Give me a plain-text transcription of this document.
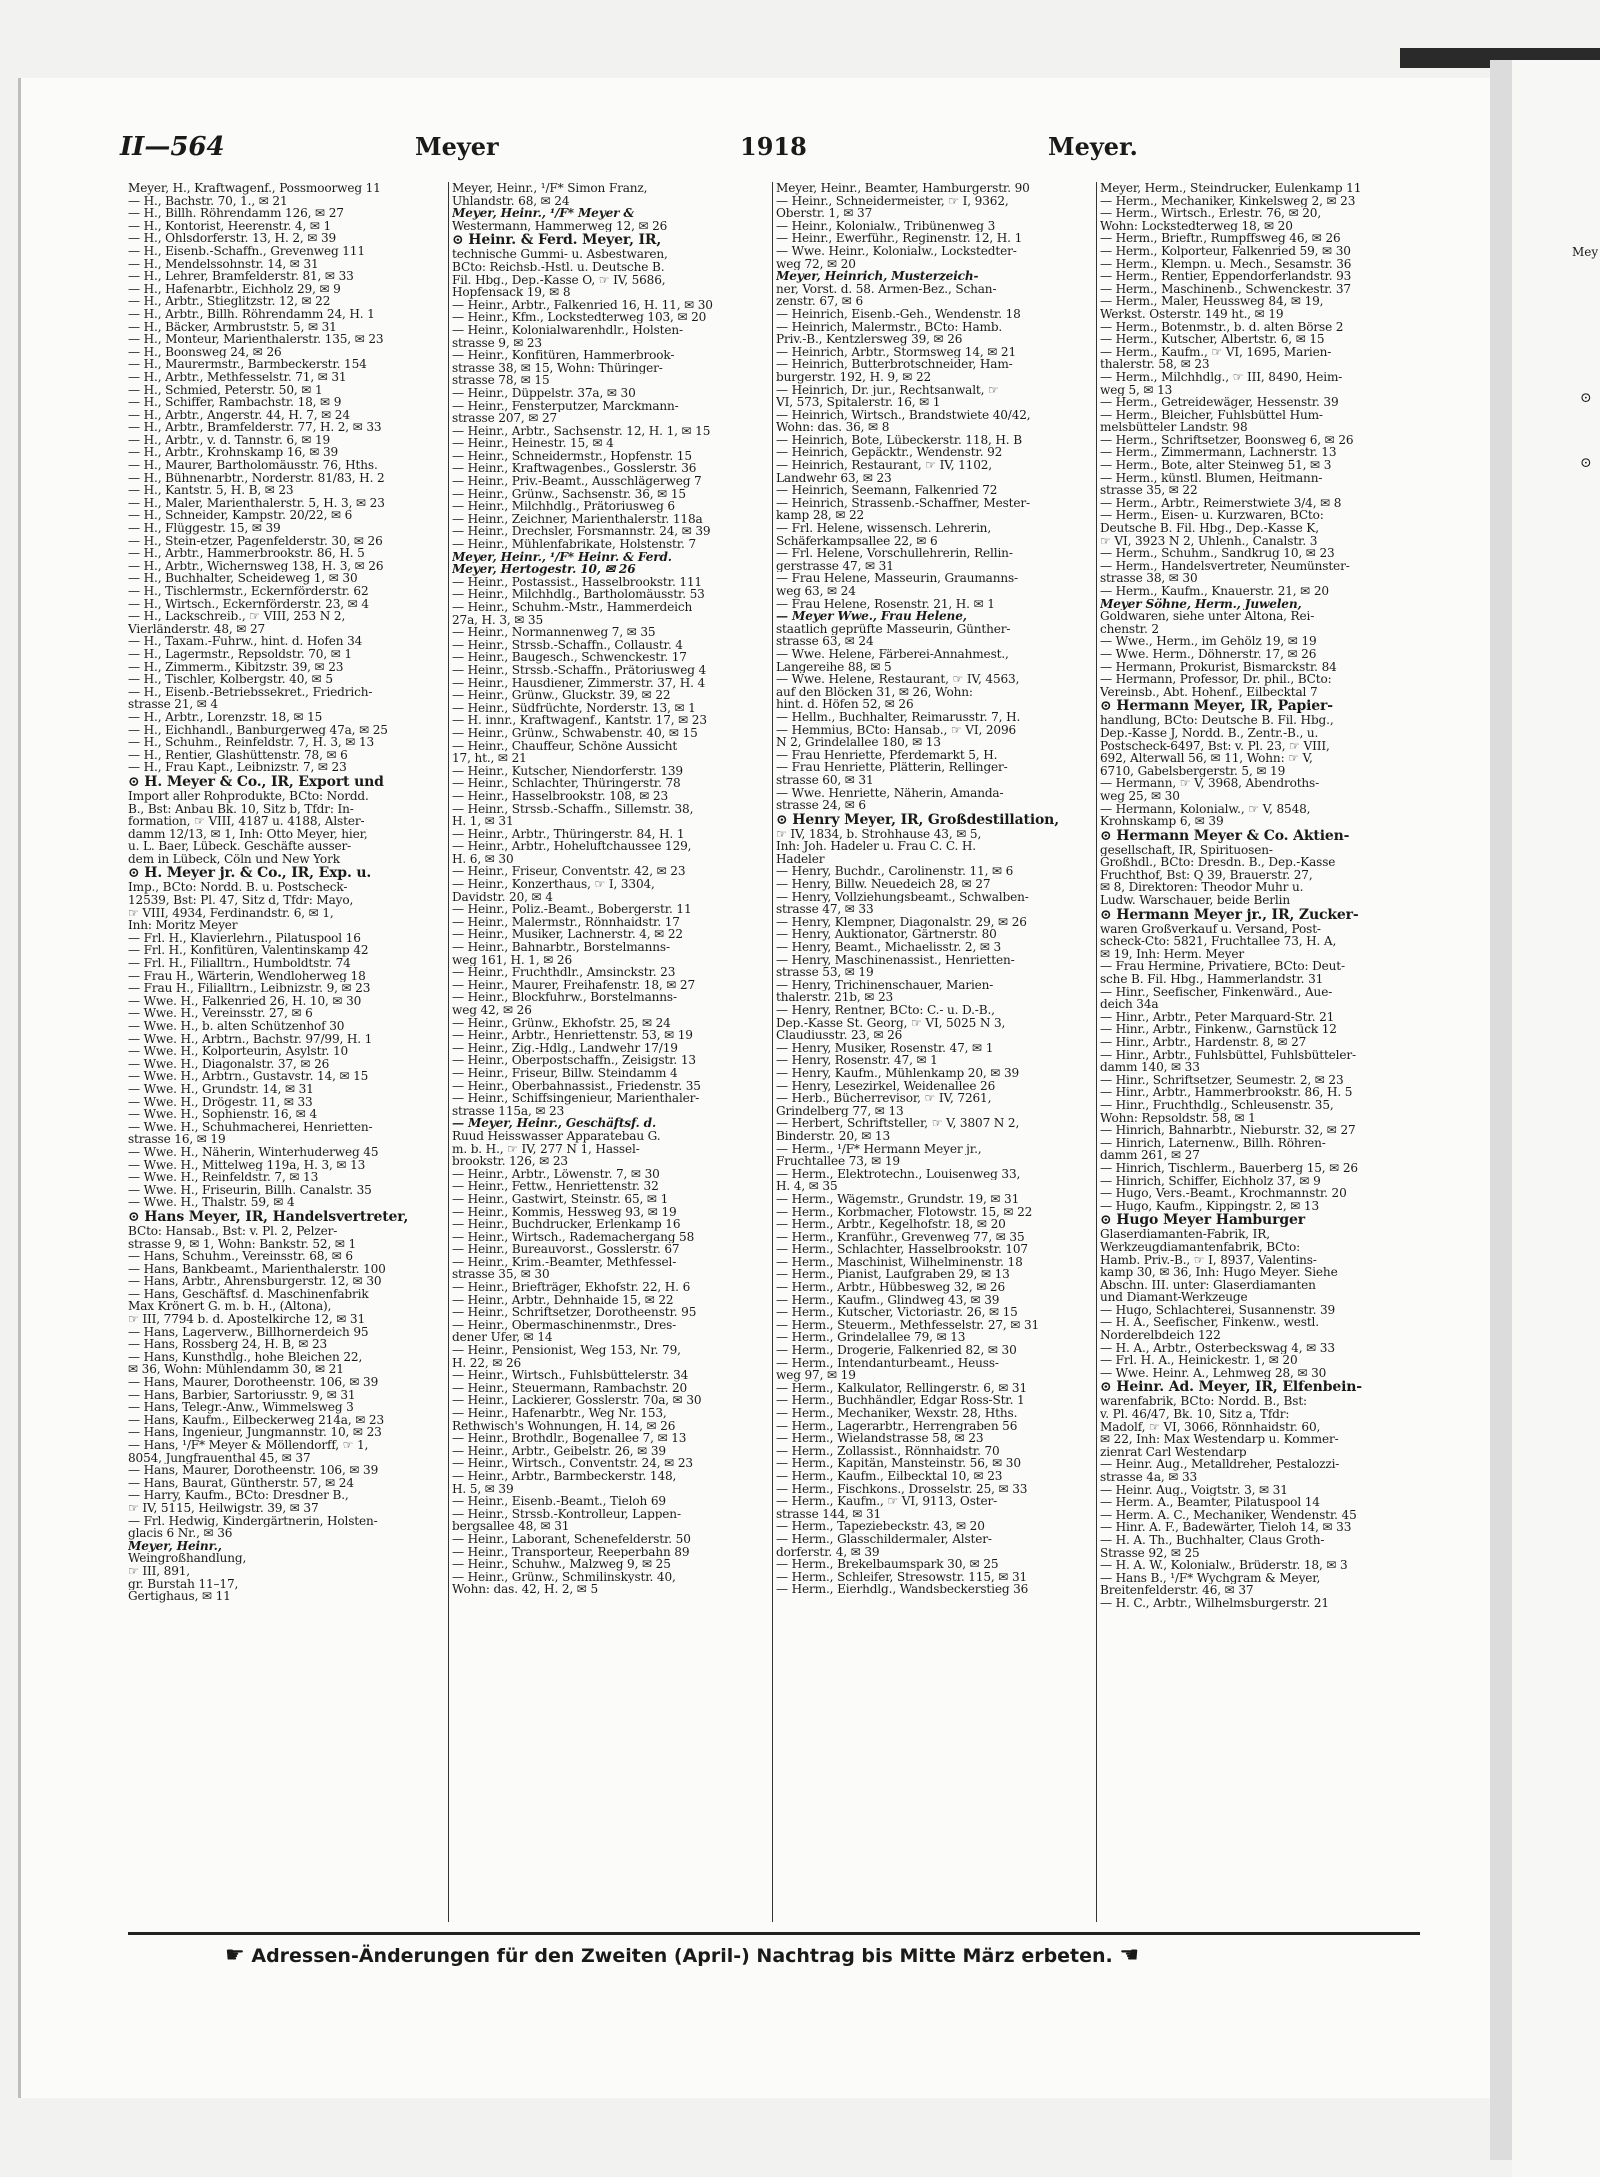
Mey
⊙
⊙
II—564	Meyer	1918	Meyer.
Meyer, H., Kraftwagenf., Possmoorweg 11
— H., Bachstr. 70, 1., ✉ 21
— H., Billh. Röhrendamm 126, ✉ 27
— H., Kontorist, Heerenstr. 4, ✉ 1
— H., Ohlsdorferstr. 13, H. 2, ✉ 39
— H., Eisenb.-Schaffn., Grevenweg 111
— H., Mendelssohnstr. 14, ✉ 31
— H., Lehrer, Bramfelderstr. 81, ✉ 33
— H., Hafenarbtr., Eichholz 29, ✉ 9
— H., Arbtr., Stieglitzstr. 12, ✉ 22
— H., Arbtr., Billh. Röhrendamm 24, H. 1
— H., Bäcker, Armbruststr. 5, ✉ 31
— H., Monteur, Marienthalerstr. 135, ✉ 23
— H., Boonsweg 24, ✉ 26
— H., Maurermstr., Barmbeckerstr. 154
— H., Arbtr., Methfesselstr. 71, ✉ 31
— H., Schmied, Peterstr. 50, ✉ 1
— H., Schiffer, Rambachstr. 18, ✉ 9
— H., Arbtr., Angerstr. 44, H. 7, ✉ 24
— H., Arbtr., Bramfelderstr. 77, H. 2, ✉ 33
— H., Arbtr., v. d. Tannstr. 6, ✉ 19
— H., Arbtr., Krohnskamp 16, ✉ 39
— H., Maurer, Bartholomäusstr. 76, Hths.
— H., Bühnenarbtr., Norderstr. 81/83, H. 2
— H., Kantstr. 5, H. B, ✉ 23
— H., Maler, Marienthalerstr. 5, H. 3, ✉ 23
— H., Schneider, Kampstr. 20/22, ✉ 6
— H., Flüggestr. 15, ✉ 39
— H., Stein-etzer, Pagenfelderstr. 30, ✉ 26
— H., Arbtr., Hammerbrookstr. 86, H. 5
— H., Arbtr., Wichernsweg 138, H. 3, ✉ 26
— H., Buchhalter, Scheideweg 1, ✉ 30
— H., Tischlermstr., Eckernförderstr. 62
— H., Wirtsch., Eckernförderstr. 23, ✉ 4
— H., Lackschreib., ☞ VIII, 253 N 2,
Vierländerstr. 48, ✉ 27
— H., Taxam.-Fuhrw., hint. d. Hofen 34
— H., Lagermstr., Repsoldstr. 70, ✉ 1
— H., Zimmerm., Kibitzstr. 39, ✉ 23
— H., Tischler, Kolbergstr. 40, ✉ 5
— H., Eisenb.-Betriebssekret., Friedrich-
strasse 21, ✉ 4
— H., Arbtr., Lorenzstr. 18, ✉ 15
— H., Eichhandl., Banburgerweg 47a, ✉ 25
— H., Schuhm., Reinfeldstr. 7, H. 3, ✉ 13
— H., Rentier, Glashüttenstr. 78, ✉ 6
— H., Frau Kapt., Leibnizstr. 7, ✉ 23
⊙ H. Meyer & Co., IR, Export und
Import aller Rohprodukte, BCto: Nordd.
B., Bst: Anbau Bk. 10, Sitz b, Tfdr: In-
formation, ☞ VIII, 4187 u. 4188, Alster-
damm 12/13, ✉ 1, Inh: Otto Meyer, hier,
u. L. Baer, Lübeck. Geschäfte ausser-
dem in Lübeck, Cöln und New York
⊙ H. Meyer jr. & Co., IR, Exp. u.
Imp., BCto: Nordd. B. u. Postscheck-
12539, Bst: Pl. 47, Sitz d, Tfdr: Mayo,
☞ VIII, 4934, Ferdinandstr. 6, ✉ 1,
Inh: Moritz Meyer
— Frl. H., Klavierlehrn., Pilatuspool 16
— Frl. H., Konfitüren, Valentinskamp 42
— Frl. H., Filialltrn., Humboldtstr. 74
— Frau H., Wärterin, Wendloherweg 18
— Frau H., Filialltrn., Leibnizstr. 9, ✉ 23
— Wwe. H., Falkenried 26, H. 10, ✉ 30
— Wwe. H., Vereinsstr. 27, ✉ 6
— Wwe. H., b. alten Schützenhof 30
— Wwe. H., Arbtrn., Bachstr. 97/99, H. 1
— Wwe. H., Kolporteurin, Asylstr. 10
— Wwe. H., Diagonalstr. 37, ✉ 26
— Wwe. H., Arbtrn., Gustavstr. 14, ✉ 15
— Wwe. H., Grundstr. 14, ✉ 31
— Wwe. H., Drögestr. 11, ✉ 33
— Wwe. H., Sophienstr. 16, ✉ 4
— Wwe. H., Schuhmacherei, Henrietten-
strasse 16, ✉ 19
— Wwe. H., Näherin, Winterhuderweg 45
— Wwe. H., Mittelweg 119a, H. 3, ✉ 13
— Wwe. H., Reinfeldstr. 7, ✉ 13
— Wwe. H., Friseurin, Billh. Canalstr. 35
— Wwe. H., Thalstr. 59, ✉ 4
⊙ Hans Meyer, IR, Handelsvertreter,
BCto: Hansab., Bst: v. Pl. 2, Pelzer-
strasse 9, ✉ 1, Wohn: Bankstr. 52, ✉ 1
— Hans, Schuhm., Vereinsstr. 68, ✉ 6
— Hans, Bankbeamt., Marienthalerstr. 100
— Hans, Arbtr., Ahrensburgerstr. 12, ✉ 30
— Hans, Geschäftsf. d. Maschinenfabrik
Max Krönert G. m. b. H., (Altona),
☞ III, 7794 b. d. Apostelkirche 12, ✉ 31
— Hans, Lagerverw., Billhornerdeich 95
— Hans, Rossberg 24, H. B, ✉ 23
— Hans, Kunsthdlg., hohe Bleichen 22,
✉ 36, Wohn: Mühlendamm 30, ✉ 21
— Hans, Maurer, Dorotheenstr. 106, ✉ 39
— Hans, Barbier, Sartoriusstr. 9, ✉ 31
— Hans, Telegr.-Anw., Wimmelsweg 3
— Hans, Kaufm., Eilbeckerweg 214a, ✉ 23
— Hans, Ingenieur, Jungmannstr. 10, ✉ 23
— Hans, ¹/F* Meyer & Möllendorff, ☞ 1,
8054, Jungfrauenthal 45, ✉ 37
— Hans, Maurer, Dorotheenstr. 106, ✉ 39
— Hans, Baurat, Güntherstr. 57, ✉ 24
— Harry, Kaufm., BCto: Dresdner B.,
☞ IV, 5115, Heilwigstr. 39, ✉ 37
— Frl. Hedwig, Kindergärtnerin, Holsten-
glacis 6 Nr., ✉ 36
Meyer, Heinr.,
Weingroßhandlung,
☞ III, 891,
gr. Burstah 11–17,
Gertighaus, ✉ 11
Meyer, Heinr., ¹/F* Simon Franz,
Uhlandstr. 68, ✉ 24
Meyer, Heinr., ¹/F* Meyer &
Westermann, Hammerweg 12, ✉ 26
⊙ Heinr. & Ferd. Meyer, IR,
technische Gummi- u. Asbestwaren,
BCto: Reichsb.-Hstl. u. Deutsche B.
Fil. Hbg., Dep.-Kasse O, ☞ IV, 5686,
Hopfensack 19, ✉ 8
— Heinr., Arbtr., Falkenried 16, H. 11, ✉ 30
— Heinr., Kfm., Lockstedterweg 103, ✉ 20
— Heinr., Kolonialwarenhdlr., Holsten-
strasse 9, ✉ 23
— Heinr., Konfitüren, Hammerbrook-
strasse 38, ✉ 15, Wohn: Thüringer-
strasse 78, ✉ 15
— Heinr., Düppelstr. 37a, ✉ 30
— Heinr., Fensterputzer, Marckmann-
strasse 207, ✉ 27
— Heinr., Arbtr., Sachsenstr. 12, H. 1, ✉ 15
— Heinr., Heinestr. 15, ✉ 4
— Heinr., Schneidermstr., Hopfenstr. 15
— Heinr., Kraftwagenbes., Gosslerstr. 36
— Heinr., Priv.-Beamt., Ausschlägerweg 7
— Heinr., Grünw., Sachsenstr. 36, ✉ 15
— Heinr., Milchhdlg., Prätoriusweg 6
— Heinr., Zeichner, Marienthalerstr. 118a
— Heinr., Drechsler, Forsmannstr. 24, ✉ 39
— Heinr., Mühlenfabrikate, Holstenstr. 7
Meyer, Heinr., ¹/F* Heinr. & Ferd.
Meyer, Hertogestr. 10, ✉ 26
— Heinr., Postassist., Hasselbrookstr. 111
— Heinr., Milchhdlg., Bartholomäusstr. 53
— Heinr., Schuhm.-Mstr., Hammerdeich
27a, H. 3, ✉ 35
— Heinr., Normannenweg 7, ✉ 35
— Heinr., Strssb.-Schaffn., Collaustr. 4
— Heinr., Baugesch., Schwenckestr. 17
— Heinr., Strssb.-Schaffn., Prätoriusweg 4
— Heinr., Hausdiener, Zimmerstr. 37, H. 4
— Heinr., Grünw., Gluckstr. 39, ✉ 22
— Heinr., Südfrüchte, Norderstr. 13, ✉ 1
— H. innr., Kraftwagenf., Kantstr. 17, ✉ 23
— Heinr., Grünw., Schwabenstr. 40, ✉ 15
— Heinr., Chauffeur, Schöne Aussicht
17, ht., ✉ 21
— Heinr., Kutscher, Niendorferstr. 139
— Heinr., Schlachter, Thüringerstr. 78
— Heinr., Hasselbrookstr. 108, ✉ 23
— Heinr., Strssb.-Schaffn., Sillemstr. 38,
H. 1, ✉ 31
— Heinr., Arbtr., Thüringerstr. 84, H. 1
— Heinr., Arbtr., Hoheluftchaussee 129,
H. 6, ✉ 30
— Heinr., Friseur, Conventstr. 42, ✉ 23
— Heinr., Konzerthaus, ☞ I, 3304,
Davidstr. 20, ✉ 4
— Heinr., Poliz.-Beamt., Bobergerstr. 11
— Heinr., Malermstr., Rönnhaidstr. 17
— Heinr., Musiker, Lachnerstr. 4, ✉ 22
— Heinr., Bahnarbtr., Borstelmanns-
weg 161, H. 1, ✉ 26
— Heinr., Fruchthdlr., Amsinckstr. 23
— Heinr., Maurer, Freihafenstr. 18, ✉ 27
— Heinr., Blockfuhrw., Borstelmanns-
weg 42, ✉ 26
— Heinr., Grünw., Ekhofstr. 25, ✉ 24
— Heinr., Arbtr., Henriettenstr. 53, ✉ 19
— Heinr., Zig.-Hdlg., Landwehr 17/19
— Heinr., Oberpostschaffn., Zeisigstr. 13
— Heinr., Friseur, Billw. Steindamm 4
— Heinr., Oberbahnassist., Friedenstr. 35
— Heinr., Schiffsingenieur, Marienthaler-
strasse 115a, ✉ 23
— Meyer, Heinr., Geschäftsf. d.
Ruud Heisswasser Apparatebau G.
m. b. H., ☞ IV, 277 N 1, Hassel-
brookstr. 126, ✉ 23
— Heinr., Arbtr., Löwenstr. 7, ✉ 30
— Heinr., Fettw., Henriettenstr. 32
— Heinr., Gastwirt, Steinstr. 65, ✉ 1
— Heinr., Kommis, Hessweg 93, ✉ 19
— Heinr., Buchdrucker, Erlenkamp 16
— Heinr., Wirtsch., Rademachergang 58
— Heinr., Bureauvorst., Gosslerstr. 67
— Heinr., Krim.-Beamter, Methfessel-
strasse 35, ✉ 30
— Heinr., Briefträger, Ekhofstr. 22, H. 6
— Heinr., Arbtr., Dehnhaide 15, ✉ 22
— Heinr., Schriftsetzer, Dorotheenstr. 95
— Heinr., Obermaschinenmstr., Dres-
dener Ufer, ✉ 14
— Heinr., Pensionist, Weg 153, Nr. 79,
H. 22, ✉ 26
— Heinr., Wirtsch., Fuhlsbüttelerstr. 34
— Heinr., Steuermann, Rambachstr. 20
— Heinr., Lackierer, Gosslerstr. 70a, ✉ 30
— Heinr., Hafenarbtr., Weg Nr. 153,
Rethwisch's Wohnungen, H. 14, ✉ 26
— Heinr., Brothdlr., Bogenallee 7, ✉ 13
— Heinr., Arbtr., Geibelstr. 26, ✉ 39
— Heinr., Wirtsch., Conventstr. 24, ✉ 23
— Heinr., Arbtr., Barmbeckerstr. 148,
H. 5, ✉ 39
— Heinr., Eisenb.-Beamt., Tieloh 69
— Heinr., Strssb.-Kontrolleur, Lappen-
bergsallee 48, ✉ 31
— Heinr., Laborant, Schenefelderstr. 50
— Heinr., Transporteur, Reeperbahn 89
— Heinr., Schuhw., Malzweg 9, ✉ 25
— Heinr., Grünw., Schmilinskystr. 40,
Wohn: das. 42, H. 2, ✉ 5
Meyer, Heinr., Beamter, Hamburgerstr. 90
— Heinr., Schneidermeister, ☞ I, 9362,
Oberstr. 1, ✉ 37
— Heinr., Kolonialw., Tribünenweg 3
— Heinr., Ewerführ., Reginenstr. 12, H. 1
— Wwe. Heinr., Kolonialw., Lockstedter-
weg 72, ✉ 20
Meyer, Heinrich, Musterzeich-
ner, Vorst. d. 58. Armen-Bez., Schan-
zenstr. 67, ✉ 6
— Heinrich, Eisenb.-Geh., Wendenstr. 18
— Heinrich, Malermstr., BCto: Hamb.
Priv.-B., Kentzlersweg 39, ✉ 26
— Heinrich, Arbtr., Stormsweg 14, ✉ 21
— Heinrich, Butterbrotschneider, Ham-
burgerstr. 192, H. 9, ✉ 22
— Heinrich, Dr. jur., Rechtsanwalt, ☞
VI, 573, Spitalerstr. 16, ✉ 1
— Heinrich, Wirtsch., Brandstwiete 40/42,
Wohn: das. 36, ✉ 8
— Heinrich, Bote, Lübeckerstr. 118, H. B
— Heinrich, Gepäcktr., Wendenstr. 92
— Heinrich, Restaurant, ☞ IV, 1102,
Landwehr 63, ✉ 23
— Heinrich, Seemann, Falkenried 72
— Heinrich, Strassenb.-Schaffner, Mester-
kamp 28, ✉ 22
— Frl. Helene, wissensch. Lehrerin,
Schäferkampsallee 22, ✉ 6
— Frl. Helene, Vorschullehrerin, Rellin-
gerstrasse 47, ✉ 31
— Frau Helene, Masseurin, Graumanns-
weg 63, ✉ 24
— Frau Helene, Rosenstr. 21, H. ✉ 1
— Meyer Wwe., Frau Helene,
staatlich geprüfte Masseurin, Günther-
strasse 63, ✉ 24
— Wwe. Helene, Färberei-Annahmest.,
Langereihe 88, ✉ 5
— Wwe. Helene, Restaurant, ☞ IV, 4563,
auf den Blöcken 31, ✉ 26, Wohn:
hint. d. Höfen 52, ✉ 26
— Hellm., Buchhalter, Reimarusstr. 7, H.
— Hemmius, BCto: Hansab., ☞ VI, 2096
N 2, Grindelallee 180, ✉ 13
— Frau Henriette, Pferdemarkt 5, H.
— Frau Henriette, Plätterin, Rellinger-
strasse 60, ✉ 31
— Wwe. Henriette, Näherin, Amanda-
strasse 24, ✉ 6
⊙ Henry Meyer, IR, Großdestillation,
☞ IV, 1834, b. Strohhause 43, ✉ 5,
Inh: Joh. Hadeler u. Frau C. C. H.
Hadeler
— Henry, Buchdr., Carolinenstr. 11, ✉ 6
— Henry, Billw. Neuedeich 28, ✉ 27
— Henry, Vollziehungsbeamt., Schwalben-
strasse 47, ✉ 33
— Henry, Klempner, Diagonalstr. 29, ✉ 26
— Henry, Auktionator, Gärtnerstr. 80
— Henry, Beamt., Michaelisstr. 2, ✉ 3
— Henry, Maschinenassist., Henrietten-
strasse 53, ✉ 19
— Henry, Trichinenschauer, Marien-
thalerstr. 21b, ✉ 23
— Henry, Rentner, BCto: C.- u. D.-B.,
Dep.-Kasse St. Georg, ☞ VI, 5025 N 3,
Claudiusstr. 23, ✉ 26
— Henry, Musiker, Rosenstr. 47, ✉ 1
— Henry, Rosenstr. 47, ✉ 1
— Henry, Kaufm., Mühlenkamp 20, ✉ 39
— Henry, Lesezirkel, Weidenallee 26
— Herb., Bücherrevisor, ☞ IV, 7261,
Grindelberg 77, ✉ 13
— Herbert, Schriftsteller, ☞ V, 3807 N 2,
Binderstr. 20, ✉ 13
— Herm., ¹/F* Hermann Meyer jr.,
Fruchtallee 73, ✉ 19
— Herm., Elektrotechn., Louisenweg 33,
H. 4, ✉ 35
— Herm., Wägemstr., Grundstr. 19, ✉ 31
— Herm., Korbmacher, Flotowstr. 15, ✉ 22
— Herm., Arbtr., Kegelhofstr. 18, ✉ 20
— Herm., Kranführ., Grevenweg 77, ✉ 35
— Herm., Schlachter, Hasselbrookstr. 107
— Herm., Maschinist, Wilhelminenstr. 18
— Herm., Pianist, Laufgraben 29, ✉ 13
— Herm., Arbtr., Hübbesweg 32, ✉ 26
— Herm., Kaufm., Glindweg 43, ✉ 39
— Herm., Kutscher, Victoriastr. 26, ✉ 15
— Herm., Steuerm., Methfesselstr. 27, ✉ 31
— Herm., Grindelallee 79, ✉ 13
— Herm., Drogerie, Falkenried 82, ✉ 30
— Herm., Intendanturbeamt., Heuss-
weg 97, ✉ 19
— Herm., Kalkulator, Rellingerstr. 6, ✉ 31
— Herm., Buchhändler, Edgar Ross-Str. 1
— Herm., Mechaniker, Wexstr. 28, Hths.
— Herm., Lagerarbtr., Herrengraben 56
— Herm., Wielandstrasse 58, ✉ 23
— Herm., Zollassist., Rönnhaidstr. 70
— Herm., Kapitän, Mansteinstr. 56, ✉ 30
— Herm., Kaufm., Eilbecktal 10, ✉ 23
— Herm., Fischkons., Drosselstr. 25, ✉ 33
— Herm., Kaufm., ☞ VI, 9113, Oster-
strasse 144, ✉ 31
— Herm., Tapeziebeckstr. 43, ✉ 20
— Herm., Glasschildermaler, Alster-
dorferstr. 4, ✉ 39
— Herm., Brekelbaumspark 30, ✉ 25
— Herm., Schleifer, Stresowstr. 115, ✉ 31
— Herm., Eierhdlg., Wandsbeckerstieg 36
Meyer, Herm., Steindrucker, Eulenkamp 11
— Herm., Mechaniker, Kinkelsweg 2, ✉ 23
— Herm., Wirtsch., Erlestr. 76, ✉ 20,
Wohn: Lockstedterweg 18, ✉ 20
— Herm., Brieftr., Rumpffsweg 46, ✉ 26
— Herm., Kolporteur, Falkenried 59, ✉ 30
— Herm., Klempn. u. Mech., Sesamstr. 36
— Herm., Rentier, Eppendorferlandstr. 93
— Herm., Maschinenb., Schwenckestr. 37
— Herm., Maler, Heussweg 84, ✉ 19,
Werkst. Osterstr. 149 ht., ✉ 19
— Herm., Botenmstr., b. d. alten Börse 2
— Herm., Kutscher, Albertstr. 6, ✉ 15
— Herm., Kaufm., ☞ VI, 1695, Marien-
thalerstr. 58, ✉ 23
— Herm., Milchhdlg., ☞ III, 8490, Heim-
weg 5, ✉ 13
— Herm., Getreidewäger, Hessenstr. 39
— Herm., Bleicher, Fuhlsbüttel Hum-
melsbütteler Landstr. 98
— Herm., Schriftsetzer, Boonsweg 6, ✉ 26
— Herm., Zimmermann, Lachnerstr. 13
— Herm., Bote, alter Steinweg 51, ✉ 3
— Herm., künstl. Blumen, Heitmann-
strasse 35, ✉ 22
— Herm., Arbtr., Reimerstwiete 3/4, ✉ 8
— Herm., Eisen- u. Kurzwaren, BCto:
Deutsche B. Fil. Hbg., Dep.-Kasse K,
☞ VI, 3923 N 2, Uhlenh., Canalstr. 3
— Herm., Schuhm., Sandkrug 10, ✉ 23
— Herm., Handelsvertreter, Neumünster-
strasse 38, ✉ 30
— Herm., Kaufm., Knauerstr. 21, ✉ 20
Meyer Söhne, Herm., Juwelen,
Goldwaren, siehe unter Altona, Rei-
chenstr. 2
— Wwe., Herm., im Gehölz 19, ✉ 19
— Wwe. Herm., Döhnerstr. 17, ✉ 26
— Hermann, Prokurist, Bismarckstr. 84
— Hermann, Professor, Dr. phil., BCto:
Vereinsb., Abt. Hohenf., Eilbecktal 7
⊙ Hermann Meyer, IR, Papier-
handlung, BCto: Deutsche B. Fil. Hbg.,
Dep.-Kasse J, Nordd. B., Zentr.-B., u.
Postscheck-6497, Bst: v. Pl. 23, ☞ VIII,
692, Alterwall 56, ✉ 11, Wohn: ☞ V,
6710, Gabelsbergerstr. 5, ✉ 19
— Hermann, ☞ V, 3968, Abendroths-
weg 25, ✉ 30
— Hermann, Kolonialw., ☞ V, 8548,
Krohnskamp 6, ✉ 39
⊙ Hermann Meyer & Co. Aktien-
gesellschaft, IR, Spirituosen-
Großhdl., BCto: Dresdn. B., Dep.-Kasse
Fruchthof, Bst: Q 39, Brauerstr. 27,
✉ 8, Direktoren: Theodor Muhr u.
Ludw. Warschauer, beide Berlin
⊙ Hermann Meyer jr., IR, Zucker-
waren Großverkauf u. Versand, Post-
scheck-Cto: 5821, Fruchtallee 73, H. A,
✉ 19, Inh: Herm. Meyer
— Frau Hermine, Privatiere, BCto: Deut-
sche B. Fil. Hbg., Hammerlandstr. 31
— Hinr., Seefischer, Finkenwärd., Aue-
deich 34a
— Hinr., Arbtr., Peter Marquard-Str. 21
— Hinr., Arbtr., Finkenw., Garnstück 12
— Hinr., Arbtr., Hardenstr. 8, ✉ 27
— Hinr., Arbtr., Fuhlsbüttel, Fuhlsbütteler-
damm 140, ✉ 33
— Hinr., Schriftsetzer, Seumestr. 2, ✉ 23
— Hinr., Arbtr., Hammerbrookstr. 86, H. 5
— Hinr., Fruchthdlg., Schleusenstr. 35,
Wohn: Repsoldstr. 58, ✉ 1
— Hinrich, Bahnarbtr., Nieburstr. 32, ✉ 27
— Hinrich, Laternenw., Billh. Röhren-
damm 261, ✉ 27
— Hinrich, Tischlerm., Bauerberg 15, ✉ 26
— Hinrich, Schiffer, Eichholz 37, ✉ 9
— Hugo, Vers.-Beamt., Krochmannstr. 20
— Hugo, Kaufm., Kippingstr. 2, ✉ 13
⊙ Hugo Meyer Hamburger
Glaserdiamanten-Fabrik, IR,
Werkzeugdiamantenfabrik, BCto:
Hamb. Priv.-B., ☞ I, 8937, Valentins-
kamp 30, ✉ 36, Inh: Hugo Meyer. Siehe
Abschn. III. unter: Glaserdiamanten
und Diamant-Werkzeuge
— Hugo, Schlachterei, Susannenstr. 39
— H. A., Seefischer, Finkenw., westl.
Norderelbdeich 122
— H. A., Arbtr., Osterbeckswag 4, ✉ 33
— Frl. H. A., Heinickestr. 1, ✉ 20
— Wwe. Heinr. A., Lehmweg 28, ✉ 30
⊙ Heinr. Ad. Meyer, IR, Elfenbein-
warenfabrik, BCto: Nordd. B., Bst:
v. Pl. 46/47, Bk. 10, Sitz a, Tfdr:
Madolf, ☞ VI, 3066, Rönnhaidstr. 60,
✉ 22, Inh: Max Westendarp u. Kommer-
zienrat Carl Westendarp
— Heinr. Aug., Metalldreher, Pestalozzi-
strasse 4a, ✉ 33
— Heinr. Aug., Voigtstr. 3, ✉ 31
— Herm. A., Beamter, Pilatuspool 14
— Herm. A. C., Mechaniker, Wendenstr. 45
— Hinr. A. F., Badewärter, Tieloh 14, ✉ 33
— H. A. Th., Buchhalter, Claus Groth-
Strasse 92, ✉ 25
— H. A. W., Kolonialw., Brüderstr. 18, ✉ 3
— Hans B., ¹/F* Wychgram & Meyer,
Breitenfelderstr. 46, ✉ 37
— H. C., Arbtr., Wilhelmsburgerstr. 21
☛ Adressen-Änderungen für den Zweiten (April-) Nachtrag bis Mitte März erbeten. ☚
